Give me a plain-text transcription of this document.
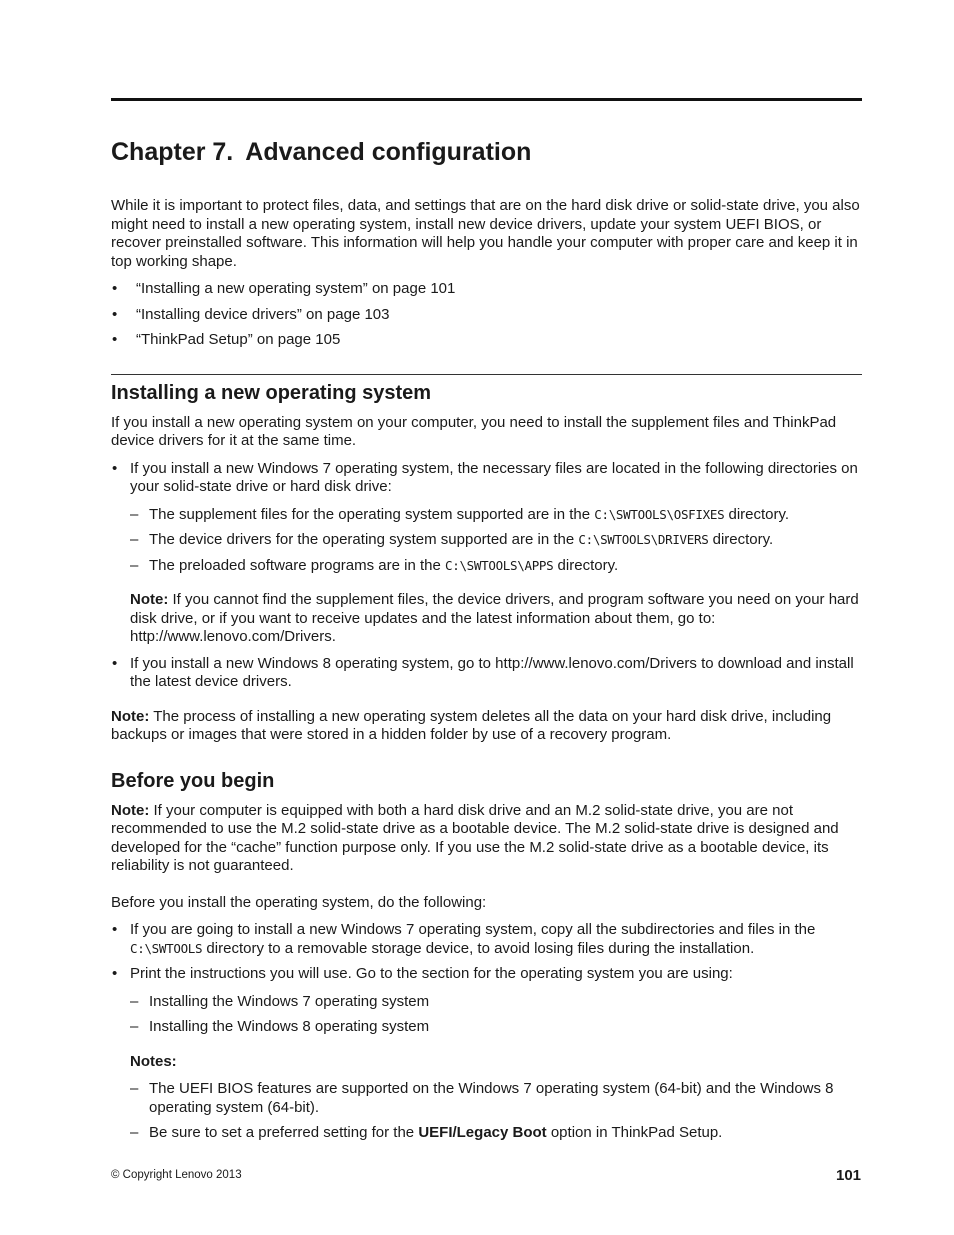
Chapter 7. Advanced configuration

While it is important to protect files, data, and settings that are on the hard disk drive or solid-state drive, you also might need to install a new operating system, install new device drivers, update your system UEFI BIOS, or recover preinstalled software. This information will help you handle your computer with proper care and keep it in top working shape.

• “Installing a new operating system” on page 101
• “Installing device drivers” on page 103
• “ThinkPad Setup” on page 105
Installing a new operating system

If you install a new operating system on your computer, you need to install the supplement files and ThinkPad device drivers for it at the same time.

• If you install a new Windows 7 operating system, the necessary files are located in the following directories on your solid-state drive or hard disk drive:
– The supplement files for the operating system supported are in the C:\SWTOOLS\OSFIXES directory.
– The device drivers for the operating system supported are in the C:\SWTOOLS\DRIVERS directory.
– The preloaded software programs are in the C:\SWTOOLS\APPS directory.

Note: If you cannot find the supplement files, the device drivers, and program software you need on your hard disk drive, or if you want to receive updates and the latest information about them, go to: http://www.lenovo.com/Drivers.

• If you install a new Windows 8 operating system, go to http://www.lenovo.com/Drivers to download and install the latest device drivers.

Note: The process of installing a new operating system deletes all the data on your hard disk drive, including backups or images that were stored in a hidden folder by use of a recovery program.

Before you begin

Note: If your computer is equipped with both a hard disk drive and an M.2 solid-state drive, you are not recommended to use the M.2 solid-state drive as a bootable device. The M.2 solid-state drive is designed and developed for the “cache” function purpose only. If you use the M.2 solid-state drive as a bootable device, its reliability is not guaranteed.

Before you install the operating system, do the following:

• If you are going to install a new Windows 7 operating system, copy all the subdirectories and files in the C:\SWTOOLS directory to a removable storage device, to avoid losing files during the installation.
• Print the instructions you will use. Go to the section for the operating system you are using:
– Installing the Windows 7 operating system
– Installing the Windows 8 operating system
Notes:
– The UEFI BIOS features are supported on the Windows 7 operating system (64-bit) and the Windows 8 operating system (64-bit).
– Be sure to set a preferred setting for the UEFI/Legacy Boot option in ThinkPad Setup.
© Copyright Lenovo 2013	101
